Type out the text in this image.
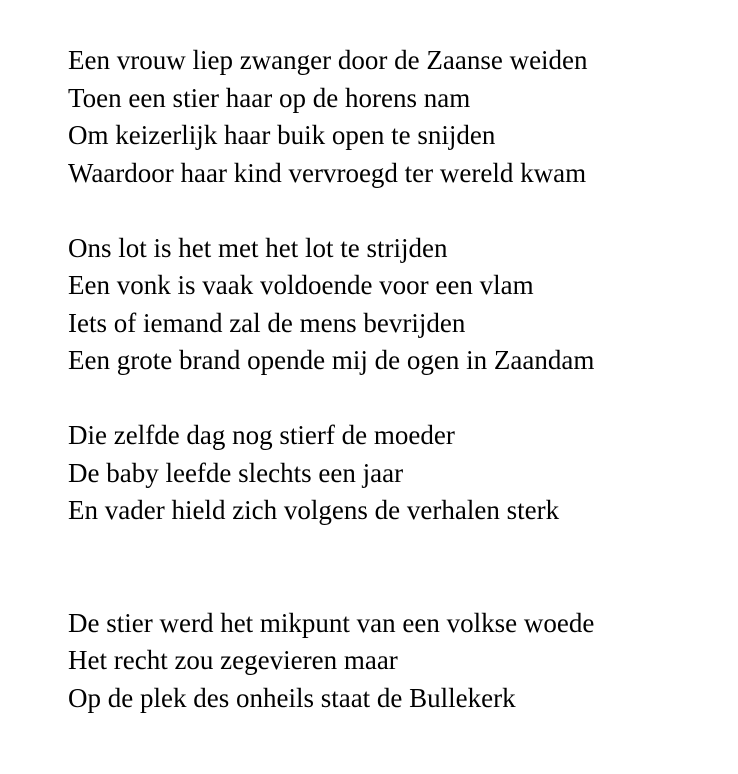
Een vrouw liep zwanger door de Zaanse weiden
Toen een stier haar op de horens nam
Om keizerlijk haar buik open te snijden
Waardoor haar kind vervroegd ter wereld kwam
Ons lot is het met het lot te strijden
Een vonk is vaak voldoende voor een vlam
Iets of iemand zal de mens bevrijden
Een grote brand opende mij de ogen in Zaandam
Die zelfde dag nog stierf de moeder
De baby leefde slechts een jaar
En vader hield zich volgens de verhalen sterk
De stier werd het mikpunt van een volkse woede
Het recht zou zegevieren maar
Op de plek des onheils staat de Bullekerk
